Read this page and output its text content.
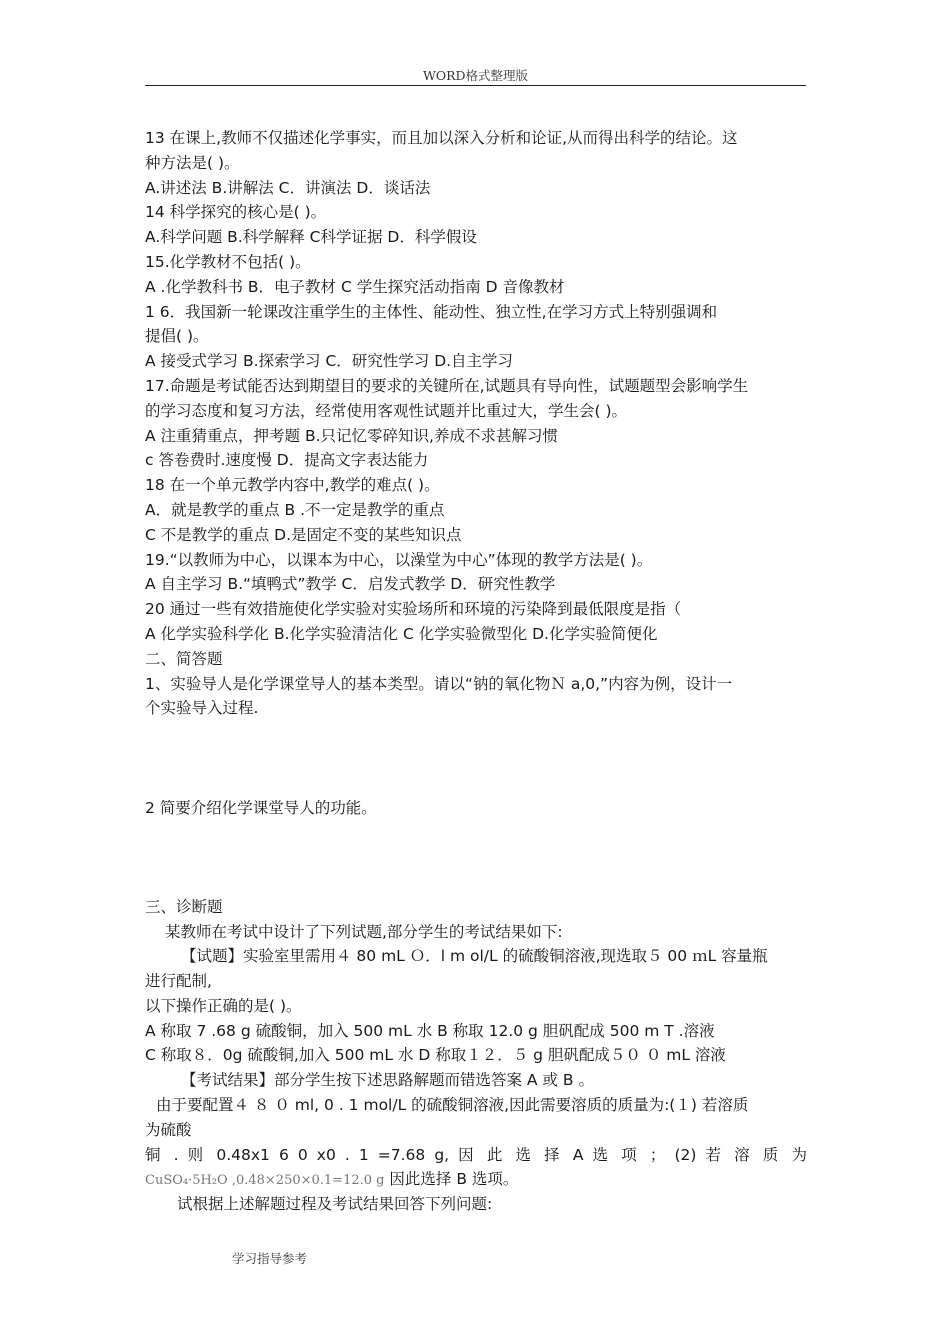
WORD格式整理版
13 在课上,教师不仅描述化学事实，而且加以深入分析和论证,从而得出科学的结论。这
种方法是( )。
A.讲述法 B.讲解法 C．讲演法 D．谈话法
14 科学探究的核心是( )。
A.科学问题 B.科学解释 C科学证据 D．科学假设
15.化学教材不包括( )。
A .化学教科书 B．电子教材 C 学生探究活动指南 D 音像教材
1 6．我国新一轮课改注重学生的主体性、能动性、独立性,在学习方式上特别强调和
提倡( )。
A 接受式学习 B.探索学习 C．研究性学习 D.自主学习
17.命题是考试能否达到期望目的要求的关键所在,试题具有导向性，试题题型会影响学生
的学习态度和复习方法，经常使用客观性试题并比重过大，学生会( )。
A 注重猜重点，押考题 B.只记忆零碎知识,养成不求甚解习惯
c 答卷费时.速度慢 D．提高文字表达能力
18 在一个单元教学内容中,教学的难点( )。
A．就是教学的重点 B .不一定是教学的重点
C 不是教学的重点 D.是固定不变的某些知识点
19.“以教师为中心，以课本为中心，以澡堂为中心”体现的教学方法是( )。
A 自主学习 B.“填鸭式”教学 C．启发式教学 D．研究性教学
20 通过一些有效措施使化学实验对实验场所和环境的污染降到最低限度是指（
A 化学实验科学化 B.化学实验清洁化 C 化学实验微型化 D.化学实验简便化
二、简答题
1、实验导人是化学课堂导人的基本类型。请以“钠的氧化物Ｎ a,0,”内容为例，设计一
个实验导入过程.
2 简要介绍化学课堂导人的功能。
三、诊断题
某教师在考试中设计了下列试题,部分学生的考试结果如下:
【试题】实验室里需用４ 80 mL Ｏ．l m ol/L 的硫酸铜溶液,现选取５ 00 ｍL 容量瓶
进行配制,
以下操作正确的是( )。
A 称取 7 .68 g 硫酸铜，加入 500 mL 水 B 称取 12.0 g 胆矾配成 500 m T .溶液
C 称取８．0g 硫酸铜,加入 500 mL 水 D 称取１２．５ g 胆矾配成５０ ０ mL 溶液
【考试结果】部分学生按下述思路解题而错选答案 A 或 B 。
由于要配置４ ８ ０ ml, 0 . 1 mol/L 的硫酸铜溶液,因此需要溶质的质量为:(１) 若溶质
为硫酸
铜 . 则 0.48x1 6 0 x0 . 1 =7.68 g, 因 此 选 择 A 选 项 ； (2) 若 溶 质 为
CuSO₄·5H₂O ,0.48×250×0.1=12.0 g 因此选择 B 选项。
试根据上述解题过程及考试结果回答下列问题:
学习指导参考
